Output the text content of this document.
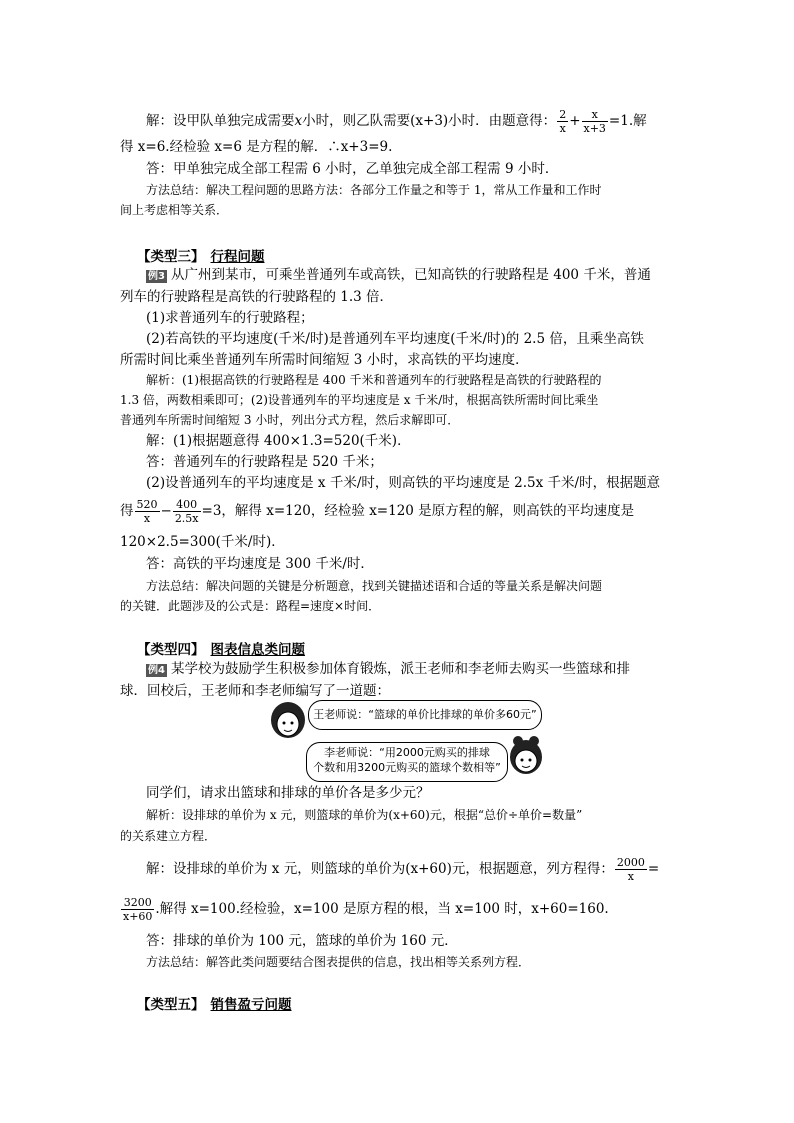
解：设甲队单独完成需要x小时，则乙队需要(x+3)小时．由题意得： $\frac{2}{x} + \frac{x}{x+3} =1$.解
得 x=6.经检验 x=6 是方程的解．∴x+3=9.
答：甲单独完成全部工程需 6 小时，乙单独完成全部工程需 9 小时．
方法总结：解决工程问题的思路方法：各部分工作量之和等于 1，常从工作量和工作时
间上考虑相等关系．
【类型三】 行程问题
例3 从广州到某市，可乘坐普通列车或高铁，已知高铁的行驶路程是 400 千米，普通
列车的行驶路程是高铁的行驶路程的 1.3 倍．
(1)求普通列车的行驶路程；
(2)若高铁的平均速度(千米/时)是普通列车平均速度(千米/时)的 2.5 倍，且乘坐高铁
所需时间比乘坐普通列车所需时间缩短 3 小时，求高铁的平均速度．
解析：(1)根据高铁的行驶路程是 400 千米和普通列车的行驶路程是高铁的行驶路程的
1.3 倍，两数相乘即可；(2)设普通列车的平均速度是 x 千米/时，根据高铁所需时间比乘坐
普通列车所需时间缩短 3 小时，列出分式方程，然后求解即可．
解：(1)根据题意得 400×1.3=520(千米)．
答：普通列车的行驶路程是 520 千米；
(2)设普通列车的平均速度是 x 千米/时，则高铁的平均速度是 2.5x 千米/时，根据题意
得 $\frac{520}{x} - \frac{400}{2.5x} =3$，解得 x=120，经检验 x=120 是原方程的解，则高铁的平均速度是
120×2.5=300(千米/时)．
答：高铁的平均速度是 300 千米/时．
方法总结：解决问题的关键是分析题意，找到关键描述语和合适的等量关系是解决问题
的关键．此题涉及的公式是：路程=速度×时间．
【类型四】 图表信息类问题
例4 某学校为鼓励学生积极参加体育锻炼，派王老师和李老师去购买一些篮球和排
球．回校后，王老师和李老师编写了一道题：
王老师说：“篮球的单价比排球的单价多60元”
李老师说：“用2000元购买的排球
个数和用3200元购买的篮球个数相等”
同学们，请求出篮球和排球的单价各是多少元？
解析：设排球的单价为 x 元，则篮球的单价为(x+60)元，根据“总价÷单价=数量”
的关系建立方程．
解：设排球的单价为 x 元，则篮球的单价为(x+60)元，根据题意，列方程得： $\frac{2000}{x}$ =
$\frac{3200}{x+60}$ .解得 x=100.经检验，x=100 是原方程的根，当 x=100 时，x+60=160.
答：排球的单价为 100 元，篮球的单价为 160 元．
方法总结：解答此类问题要结合图表提供的信息，找出相等关系列方程．
【类型五】 销售盈亏问题
